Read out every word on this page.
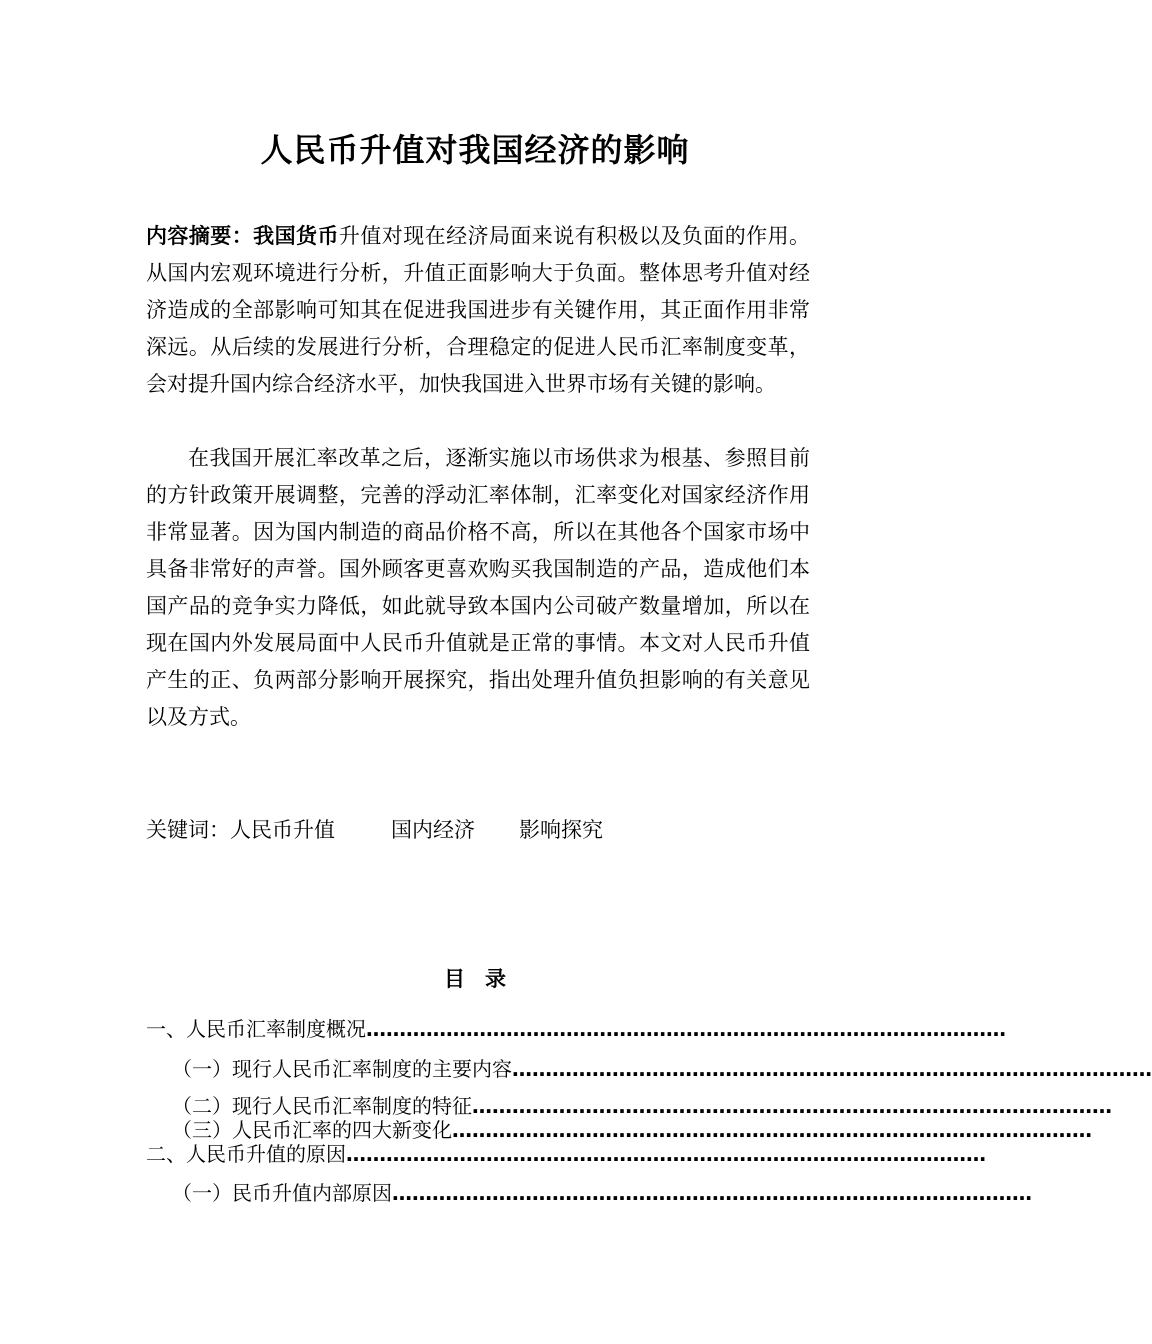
人民币升值对我国经济的影响
内容摘要：我国货币升值对现在经济局面来说有积极以及负面的作用。从国内宏观环境进行分析，升值正面影响大于负面。整体思考升值对经济造成的全部影响可知其在促进我国进步有关键作用，其正面作用非常深远。从后续的发展进行分析，合理稳定的促进人民币汇率制度变革，会对提升国内综合经济水平，加快我国进入世界市场有关键的影响。
在我国开展汇率改革之后，逐渐实施以市场供求为根基、参照目前的方针政策开展调整，完善的浮动汇率体制，汇率变化对国家经济作用非常显著。因为国内制造的商品价格不高，所以在其他各个国家市场中具备非常好的声誉。国外顾客更喜欢购买我国制造的产品，造成他们本国产品的竞争实力降低，如此就导致本国内公司破产数量增加，所以在现在国内外发展局面中人民币升值就是正常的事情。本文对人民币升值产生的正、负两部分影响开展探究，指出处理升值负担影响的有关意见以及方式。
关键词：人民币升值	国内经济 影响探究
目录
一、人民币汇率制度概况 ……………………………………………………………………………………
（一）现行人民币汇率制度的主要内容 ……………………………………………………………………………………
（二）现行人民币汇率制度的特征 ……………………………………………………………………………………
（三）人民币汇率的四大新变化 ……………………………………………………………………………………
二、人民币升值的原因 ……………………………………………………………………………………
（一）民币升值内部原因 ……………………………………………………………………………………
